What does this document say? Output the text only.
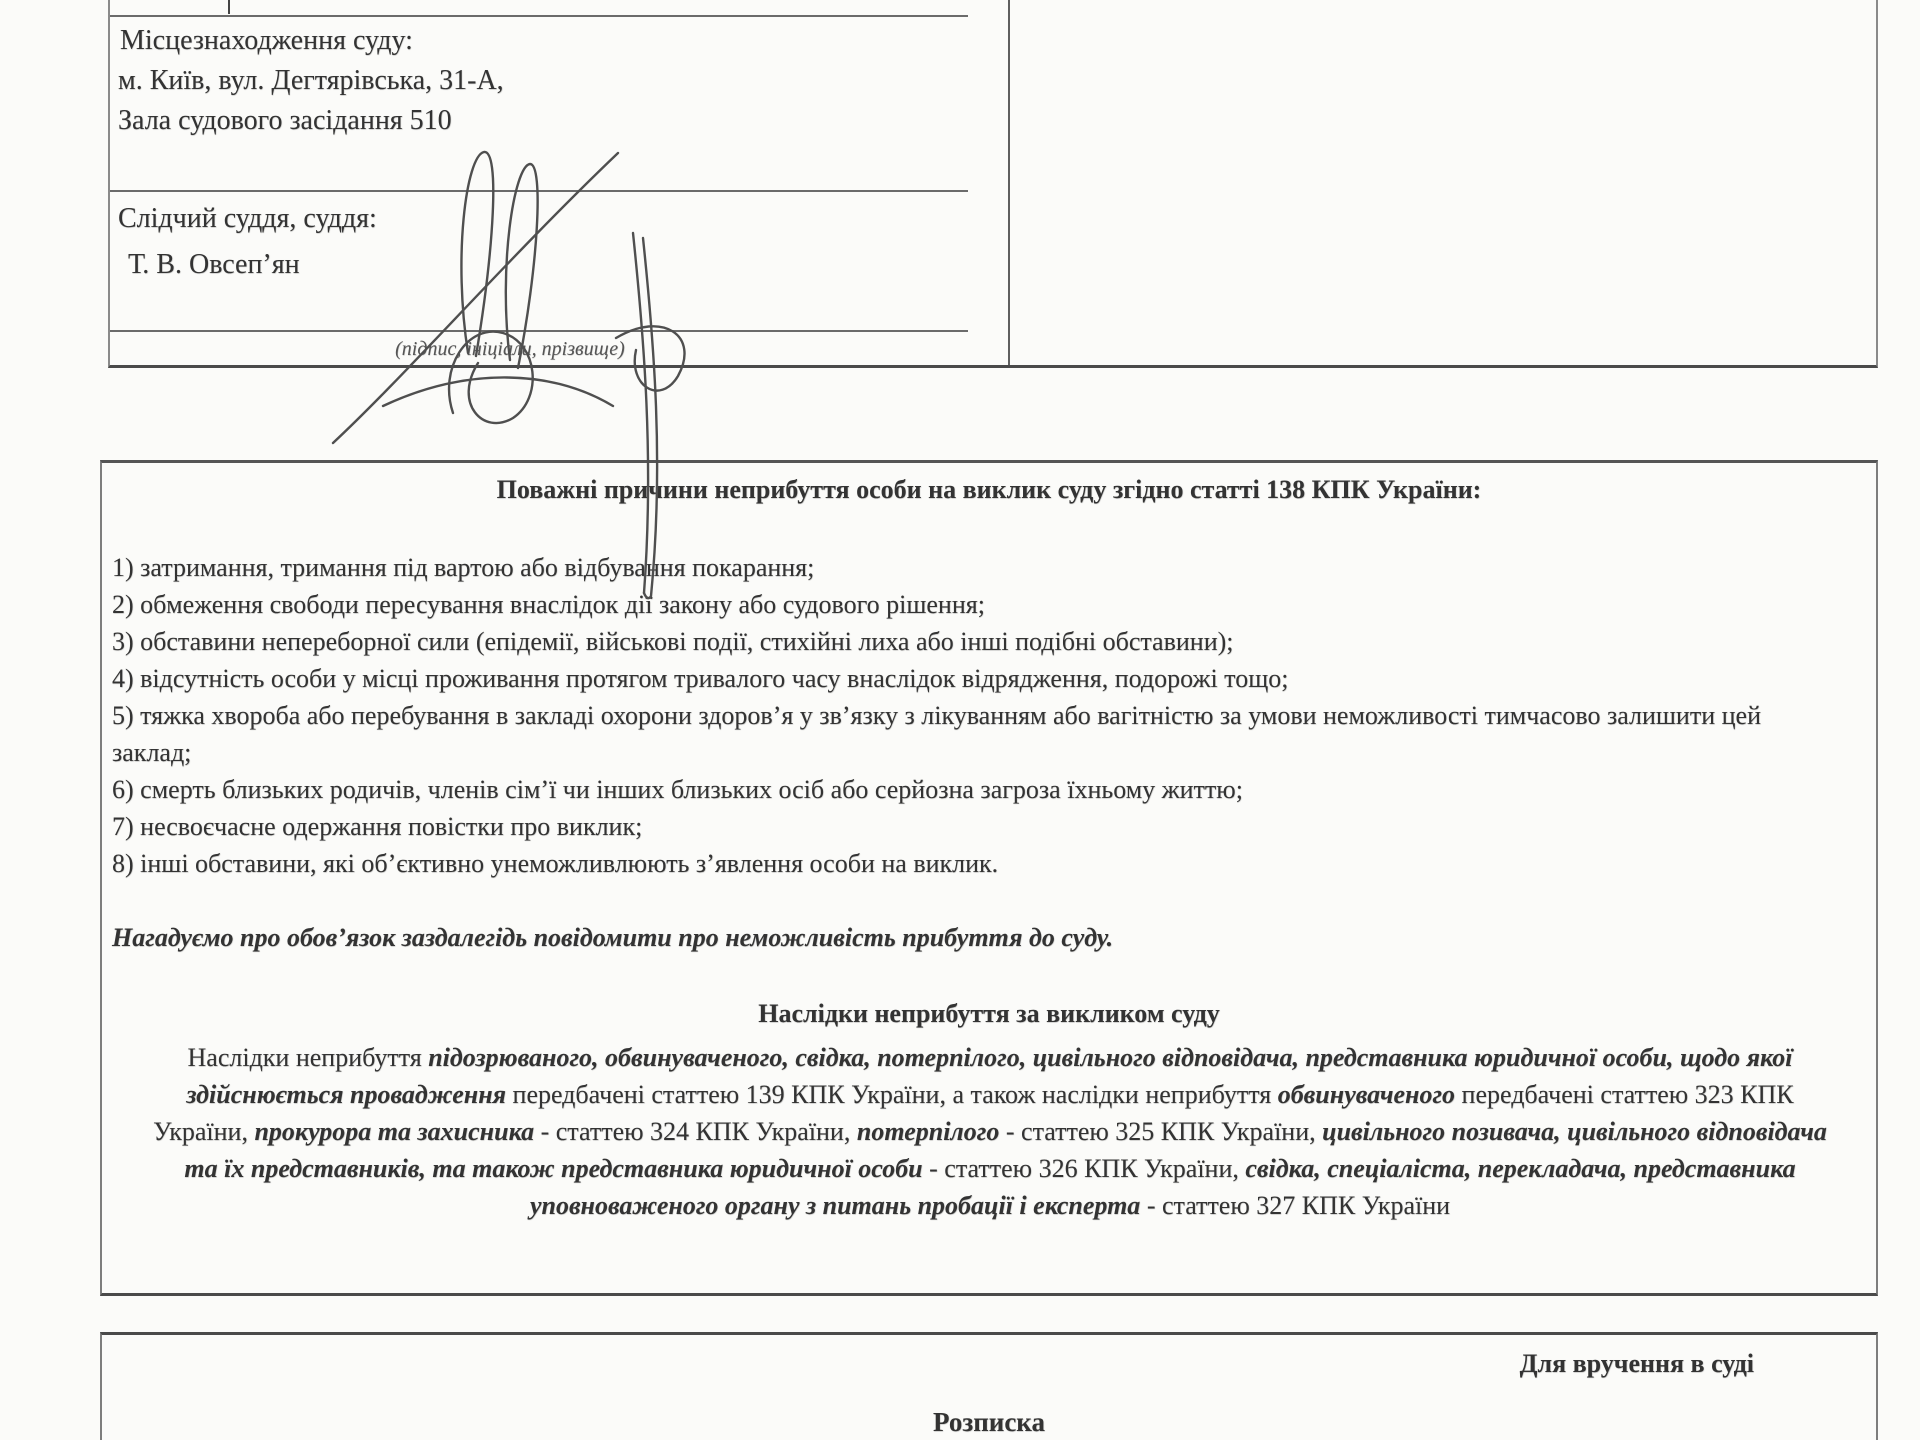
Місцезнаходження суду:
м. Київ, вул. Дегтярівська, 31-А,
Зала судового засідання 510
Слідчий суддя, суддя:
Т. В. Овсеп’ян
(підпис, ініціали, прізвище)
Поважні причини неприбуття особи на виклик суду згідно статті 138 КПК України:
1) затримання, тримання під вартою або відбування покарання;
2) обмеження свободи пересування внаслідок дії закону або судового рішення;
3) обставини непереборної сили (епідемії, військові події, стихійні лиха або інші подібні обставини);
4) відсутність особи у місці проживання протягом тривалого часу внаслідок відрядження, подорожі тощо;
5) тяжка хвороба або перебування в закладі охорони здоров’я у зв’язку з лікуванням або вагітністю за умови неможливості тимчасово залишити цей заклад;
6) смерть близьких родичів, членів сім’ї чи інших близьких осіб або серйозна загроза їхньому життю;
7) несвоєчасне одержання повістки про виклик;
8) інші обставини, які об’єктивно унеможливлюють з’явлення особи на виклик.
Нагадуємо про обов’язок заздалегідь повідомити про неможливість прибуття до суду.
Наслідки неприбуття за викликом суду
Наслідки неприбуття підозрюваного, обвинуваченого, свідка, потерпілого, цивільного відповідача, представника юридичної особи, щодо якої здійснюється провадження передбачені статтею 139 КПК України, а також наслідки неприбуття обвинуваченого передбачені статтею 323 КПК України, прокурора та захисника - статтею 324 КПК України, потерпілого - статтею 325 КПК України, цивільного позивача, цивільного відповідача та їх представників, та також представника юридичної особи - статтею 326 КПК України, свідка, спеціаліста, перекладача, представника уповноваженого органу з питань пробації і експерта - статтею 327 КПК України
Для вручення в суді
Розписка
